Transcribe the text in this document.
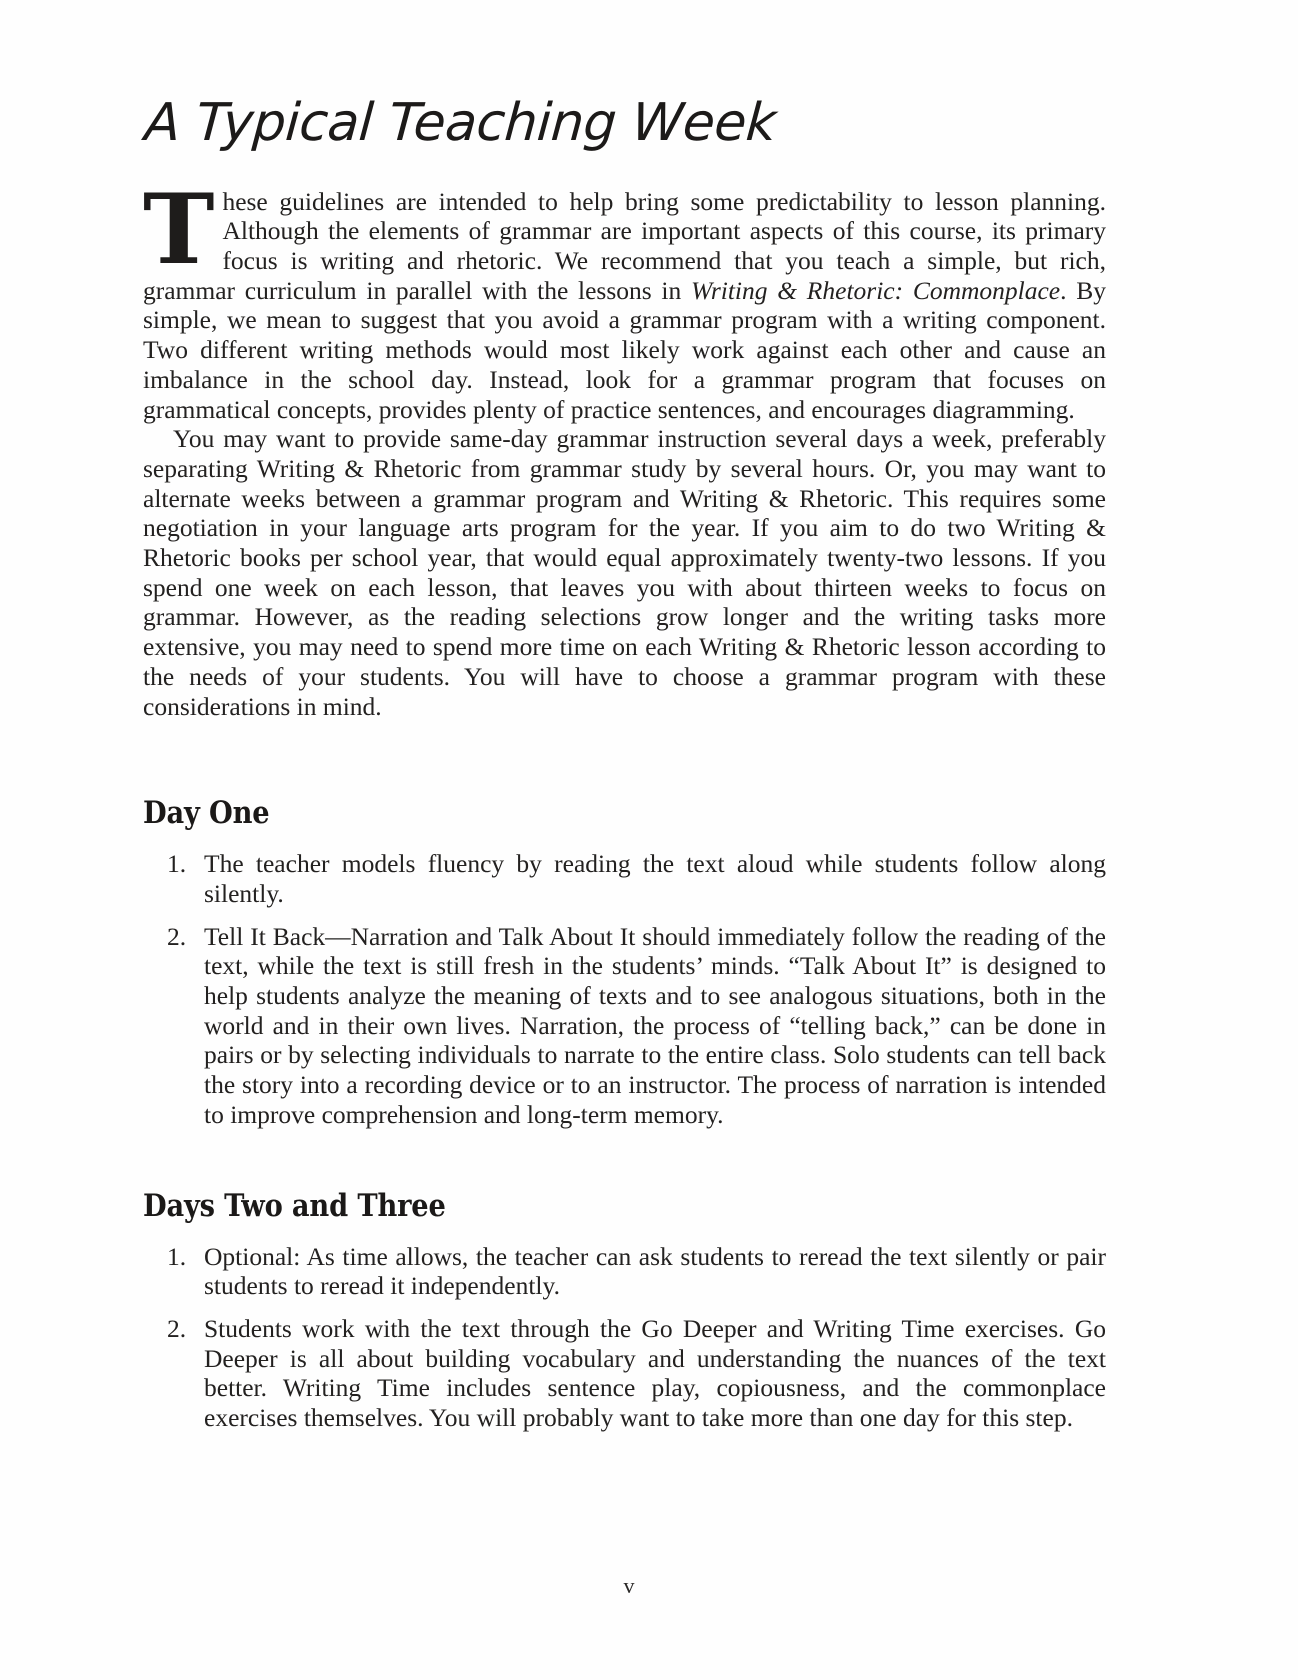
A Typical Teaching Week

These guidelines are intended to help bring some predictability to lesson planning. Although the elements of grammar are important aspects of this course, its primary focus is writing and rhetoric. We recommend that you teach a simple, but rich, grammar curriculum in parallel with the lessons in Writing & Rhetoric: Commonplace. By simple, we mean to suggest that you avoid a grammar program with a writing component. Two different writing methods would most likely work against each other and cause an imbalance in the school day. Instead, look for a grammar program that focuses on grammatical concepts, provides plenty of practice sentences, and encourages diagramming.

You may want to provide same-day grammar instruction several days a week, preferably separating Writing & Rhetoric from grammar study by several hours. Or, you may want to alternate weeks between a grammar program and Writing & Rhetoric. This requires some negotiation in your language arts program for the year. If you aim to do two Writing & Rhetoric books per school year, that would equal approximately twenty-two lessons. If you spend one week on each lesson, that leaves you with about thirteen weeks to focus on grammar. However, as the reading selections grow longer and the writing tasks more extensive, you may need to spend more time on each Writing & Rhetoric lesson according to the needs of your students. You will have to choose a grammar program with these considerations in mind.

Day One
1. The teacher models fluency by reading the text aloud while students follow along silently.
2. Tell It Back—Narration and Talk About It should immediately follow the reading of the text, while the text is still fresh in the students’ minds. “Talk About It” is designed to help students analyze the meaning of texts and to see analogous situations, both in the world and in their own lives. Narration, the process of “telling back,” can be done in pairs or by selecting individuals to narrate to the entire class. Solo students can tell back the story into a recording device or to an instructor. The process of narration is intended to improve comprehension and long-term memory.
Days Two and Three
1. Optional: As time allows, the teacher can ask students to reread the text silently or pair students to reread it independently.
2. Students work with the text through the Go Deeper and Writing Time exercises. Go Deeper is all about building vocabulary and understanding the nuances of the text better. Writing Time includes sentence play, copiousness, and the commonplace exercises themselves. You will probably want to take more than one day for this step.
v
